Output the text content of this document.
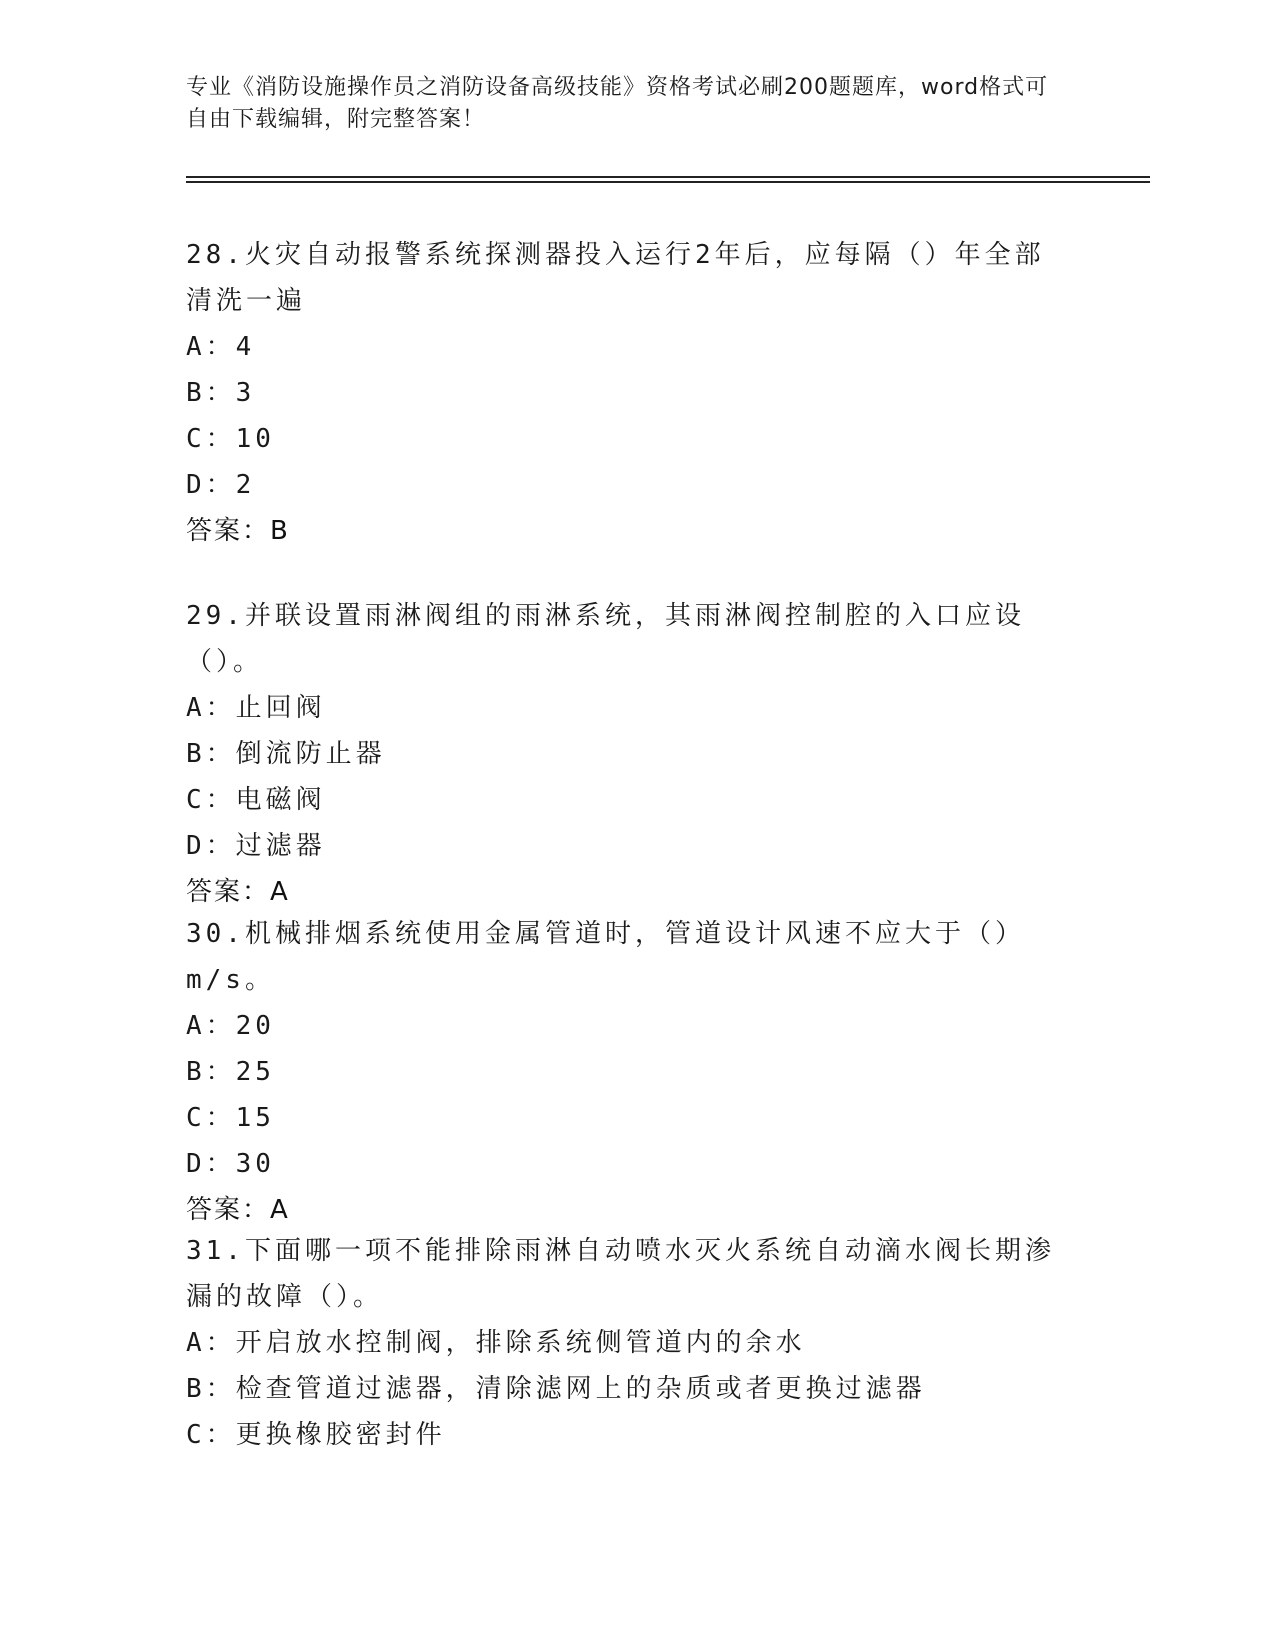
专业《消防设施操作员之消防设备高级技能》资格考试必刷200题题库，word格式可自由下载编辑，附完整答案！

28.火灾自动报警系统探测器投入运行2年后，应每隔（）年全部清洗一遍

A：4

B：3

C：10

D：2

答案：B

29.并联设置雨淋阀组的雨淋系统，其雨淋阀控制腔的入口应设（）。

A：止回阀

B：倒流防止器

C：电磁阀

D：过滤器

答案：A

30.机械排烟系统使用金属管道时，管道设计风速不应大于（）m/s。

A：20

B：25

C：15

D：30

答案：A

31.下面哪一项不能排除雨淋自动喷水灭火系统自动滴水阀长期渗漏的故障（）。

A：开启放水控制阀，排除系统侧管道内的余水

B：检查管道过滤器，清除滤网上的杂质或者更换过滤器

C：更换橡胶密封件
